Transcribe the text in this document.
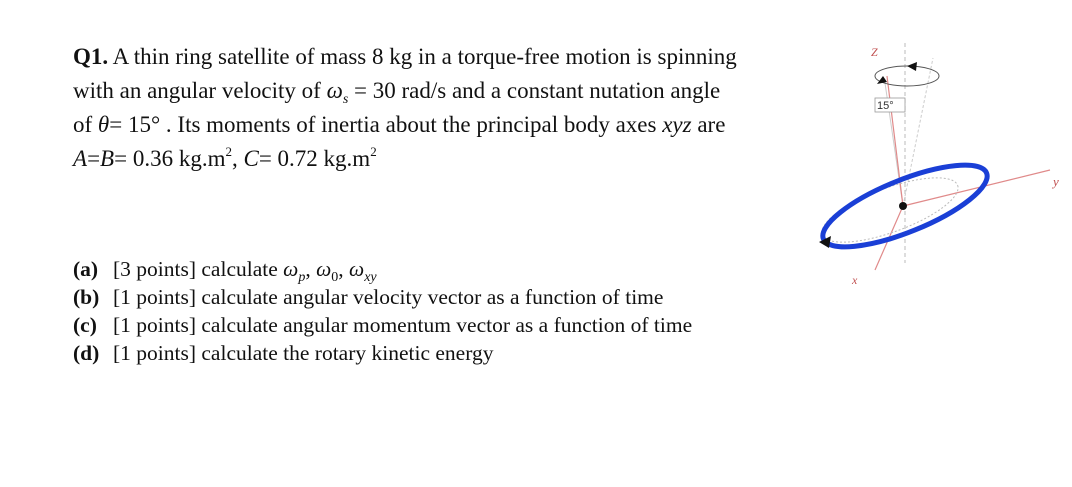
Q1. A thin ring satellite of mass 8 kg in a torque-free motion is spinning
with an angular velocity of $\omega_s = 30$ rad/s and a constant nutation angle
of θ= 15° . Its moments of inertia about the principal body axes xyz are
A=B= 0.36 $kg.m^2$, C= 0.72 $kg.m^2$
(a) [3 points] calculate $\omega_p$, $\omega_0$, $\omega_{xy}$
(b) [1 points] calculate angular velocity vector as a function of time
(c) [1 points] calculate angular momentum vector as a function of time
(d) [1 points] calculate the rotary kinetic energy
15°
Z
y
x
